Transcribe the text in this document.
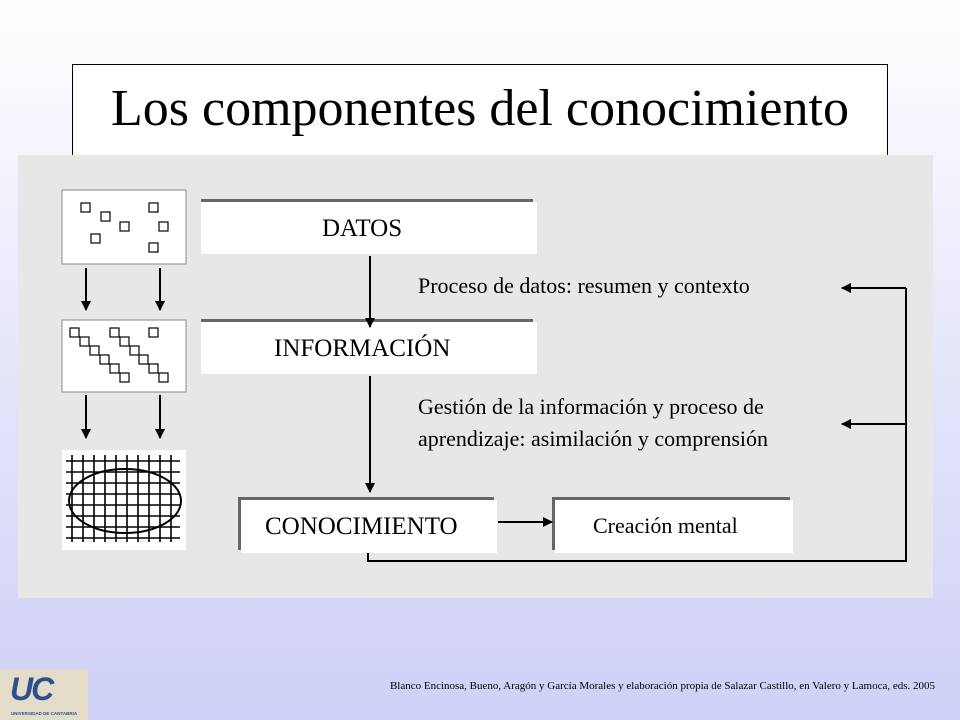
Los componentes del conocimiento
DATOS
INFORMACIÓN
CONOCIMIENTO	Creación mental
Proceso de datos: resumen y contexto
Gestión de la información y proceso de
aprendizaje: asimilación y comprensión
Blanco Encinosa, Bueno, Aragón y García Morales y elaboración propia de Salazar Castillo, en Valero y Lamoca, eds. 2005
UC
UNIVERSIDAD DE CANTABRIA
